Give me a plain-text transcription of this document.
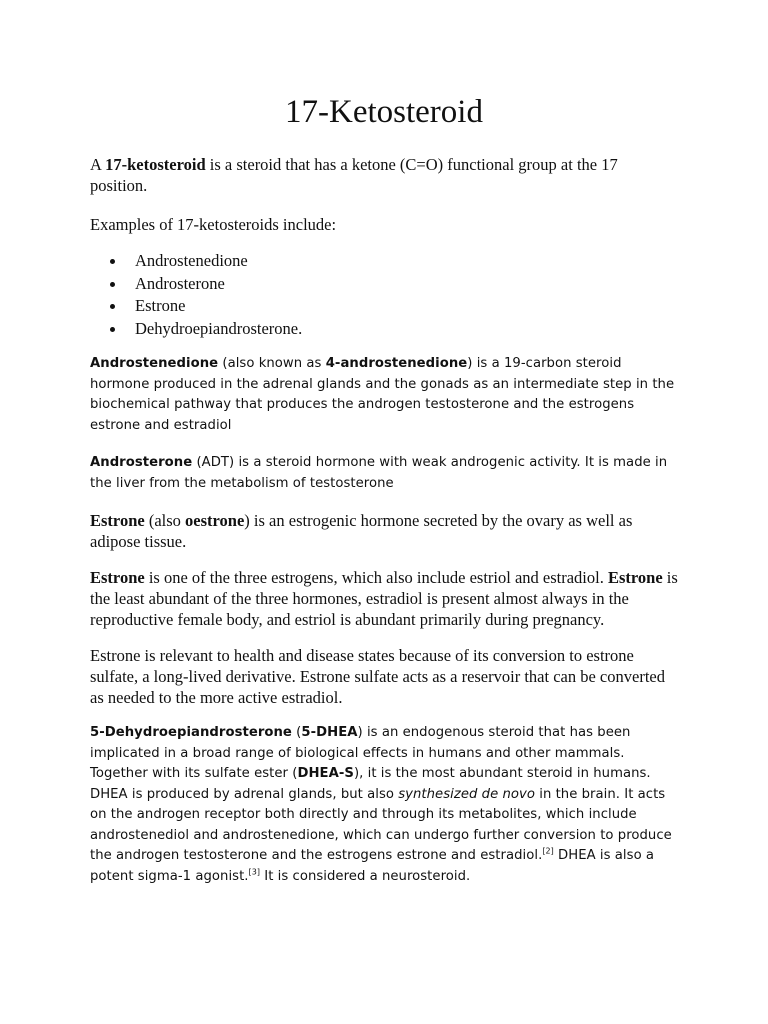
17-Ketosteroid

A 17-ketosteroid is a steroid that has a ketone (C=O) functional group at the 17 position.

Examples of 17-ketosteroids include:

Androstenedione
Androsterone
Estrone
Dehydroepiandrosterone.

Androstenedione (also known as 4-androstenedione) is a 19-carbon steroid hormone produced in the adrenal glands and the gonads as an intermediate step in the biochemical pathway that produces the androgen testosterone and the estrogens estrone and estradiol

Androsterone (ADT) is a steroid hormone with weak androgenic activity. It is made in the liver from the metabolism of testosterone

Estrone (also oestrone) is an estrogenic hormone secreted by the ovary as well as adipose tissue.

Estrone is one of the three estrogens, which also include estriol and estradiol. Estrone is the least abundant of the three hormones, estradiol is present almost always in the reproductive female body, and estriol is abundant primarily during pregnancy.

Estrone is relevant to health and disease states because of its conversion to estrone sulfate, a long-lived derivative. Estrone sulfate acts as a reservoir that can be converted as needed to the more active estradiol.

5-Dehydroepiandrosterone (5-DHEA) is an endogenous steroid that has been implicated in a broad range of biological effects in humans and other mammals. Together with its sulfate ester (DHEA-S), it is the most abundant steroid in humans. DHEA is produced by adrenal glands, but also synthesized de novo in the brain. It acts on the androgen receptor both directly and through its metabolites, which include androstenediol and androstenedione, which can undergo further conversion to produce the androgen testosterone and the estrogens estrone and estradiol.[2] DHEA is also a potent sigma-1 agonist.[3] It is considered a neurosteroid.
